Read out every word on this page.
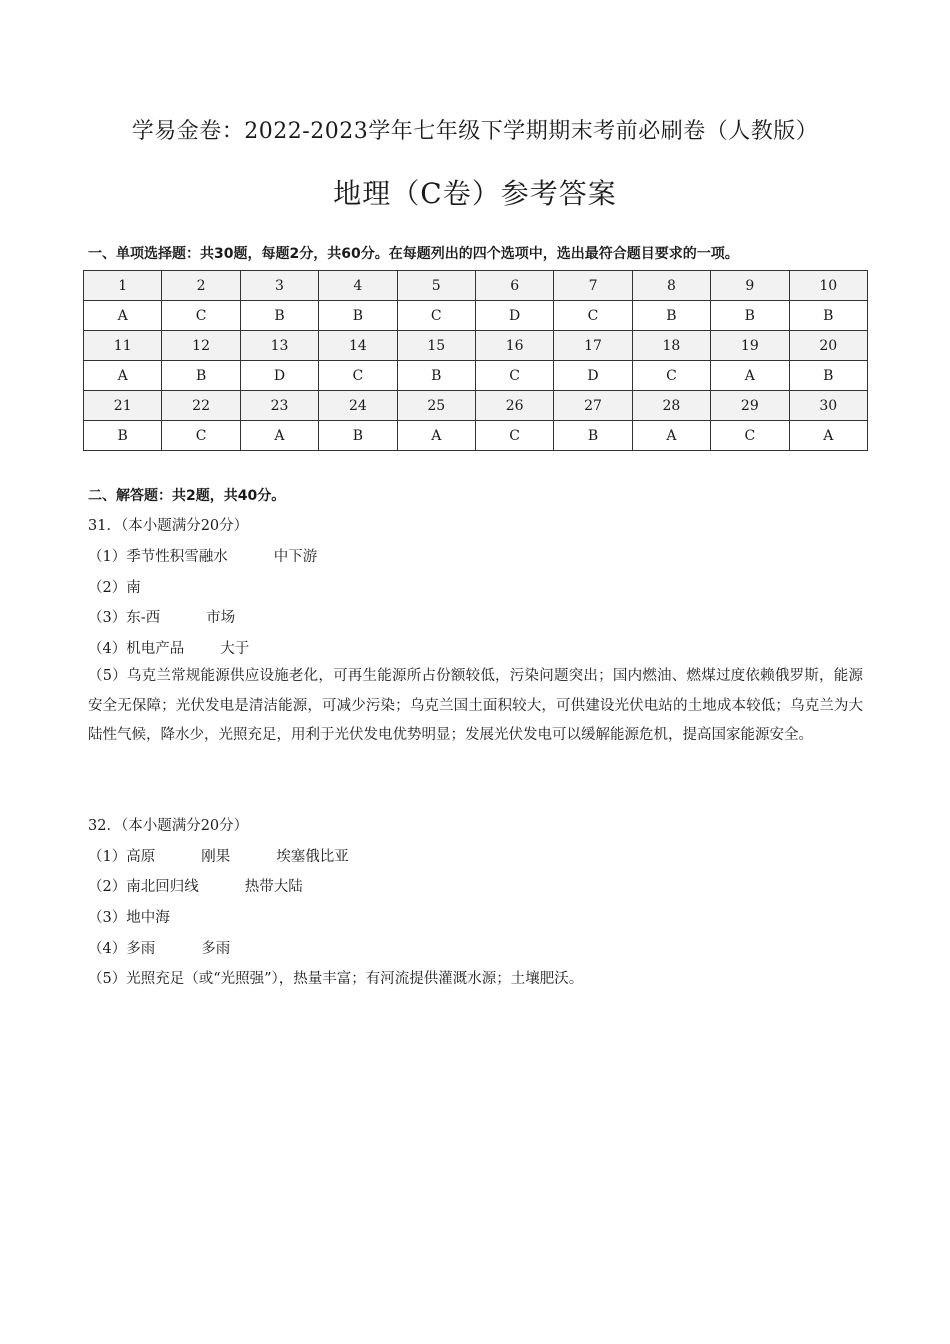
学易金卷：2022-2023学年七年级下学期期末考前必刷卷（人教版）
地理（C卷）参考答案
一、单项选择题：共30题，每题2分，共60分。在每题列出的四个选项中，选出最符合题目要求的一项。
1	2	3	4	5	6	7	8	9	10
A	C	B	B	C	D	C	B	B	B
11	12	13	14	15	16	17	18	19	20
A	B	D	C	B	C	D	C	A	B
21	22	23	24	25	26	27	28	29	30
B	C	A	B	A	C	B	A	C	A
二、解答题：共2题，共40分。
31．（本小题满分20分）
（1）季节性积雪融水	中下游
（2）南
（3）东-西	市场
（4）机电产品 大于
（5）乌克兰常规能源供应设施老化，可再生能源所占份额较低，污染问题突出；国内燃油、燃煤过度依赖俄罗斯，能源安全无保障；光伏发电是清洁能源，可减少污染；乌克兰国土面积较大，可供建设光伏电站的土地成本较低；乌克兰为大陆性气候，降水少，光照充足，用利于光伏发电优势明显；发展光伏发电可以缓解能源危机，提高国家能源安全。
32．（本小题满分20分）
（1）高原	刚果	埃塞俄比亚
（2）南北回归线	热带大陆
（3）地中海
（4）多雨	多雨
（5）光照充足（或“光照强”），热量丰富；有河流提供灌溉水源；土壤肥沃。
